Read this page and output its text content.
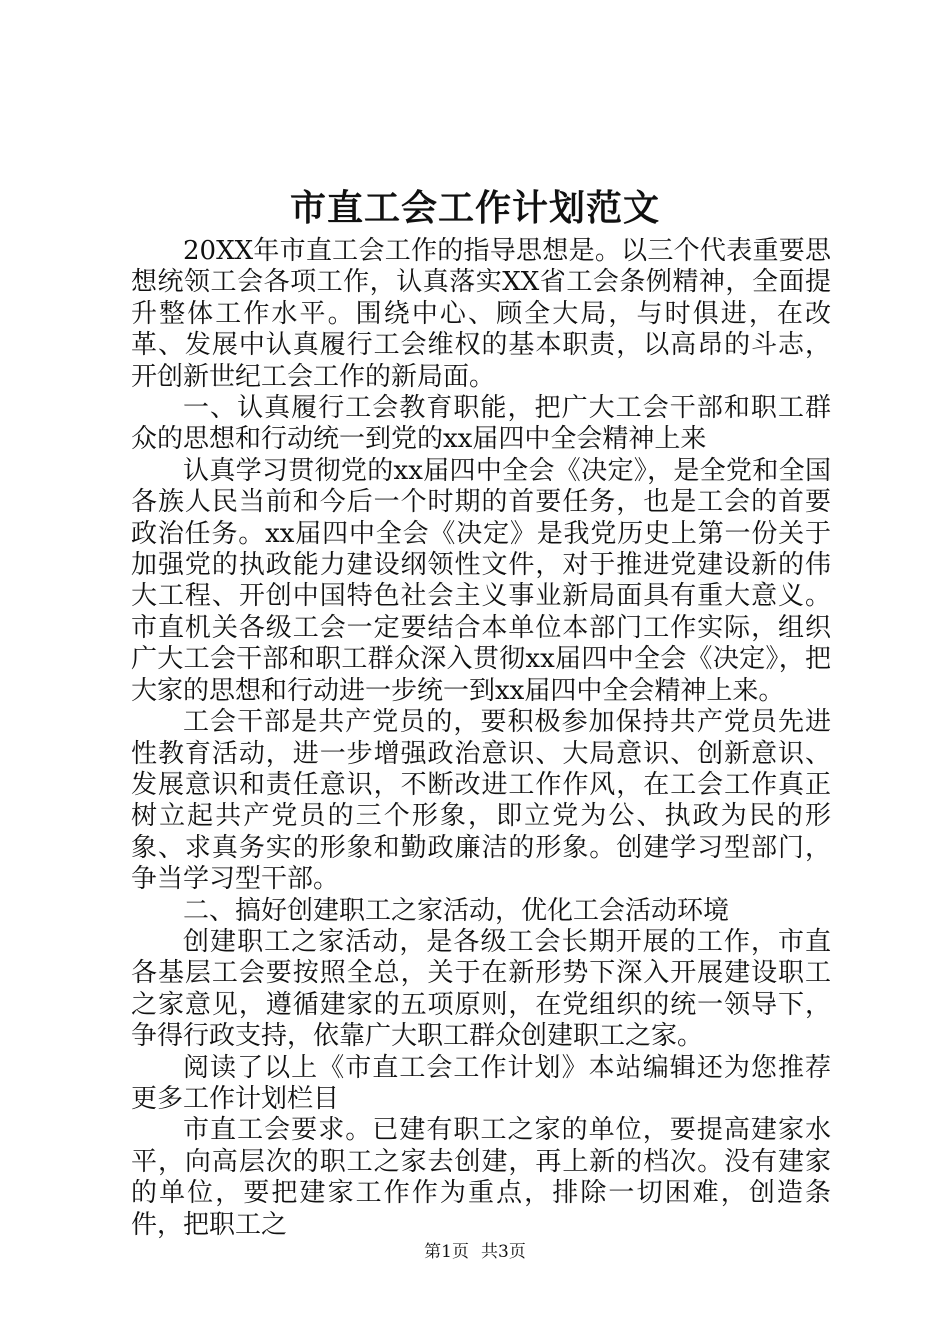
市直工会工作计划范文

20XX年市直工会工作的指导思想是。以三个代表重要思想统领工会各项工作，认真落实XX省工会条例精神，全面提升整体工作水平。围绕中心、顾全大局，与时俱进，在改革、发展中认真履行工会维权的基本职责，以高昂的斗志，开创新世纪工会工作的新局面。

一、认真履行工会教育职能，把广大工会干部和职工群众的思想和行动统一到党的xx届四中全会精神上来

认真学习贯彻党的xx届四中全会《决定》，是全党和全国各族人民当前和今后一个时期的首要任务，也是工会的首要政治任务。xx届四中全会《决定》是我党历史上第一份关于加强党的执政能力建设纲领性文件，对于推进党建设新的伟大工程、开创中国特色社会主义事业新局面具有重大意义。市直机关各级工会一定要结合本单位本部门工作实际，组织广大工会干部和职工群众深入贯彻xx届四中全会《决定》，把大家的思想和行动进一步统一到xx届四中全会精神上来。

工会干部是共产党员的，要积极参加保持共产党员先进性教育活动，进一步增强政治意识、大局意识、创新意识、发展意识和责任意识，不断改进工作作风，在工会工作真正树立起共产党员的三个形象，即立党为公、执政为民的形象、求真务实的形象和勤政廉洁的形象。创建学习型部门，争当学习型干部。

二、搞好创建职工之家活动，优化工会活动环境

创建职工之家活动，是各级工会长期开展的工作，市直各基层工会要按照全总，关于在新形势下深入开展建设职工之家意见，遵循建家的五项原则，在党组织的统一领导下，争得行政支持，依靠广大职工群众创建职工之家。

阅读了以上《市直工会工作计划》本站编辑还为您推荐更多工作计划栏目

市直工会要求。已建有职工之家的单位，要提高建家水平，向高层次的职工之家去创建，再上新的档次。没有建家的单位，要把建家工作作为重点，排除一切困难，创造条件，把职工之

第1页 共3页
